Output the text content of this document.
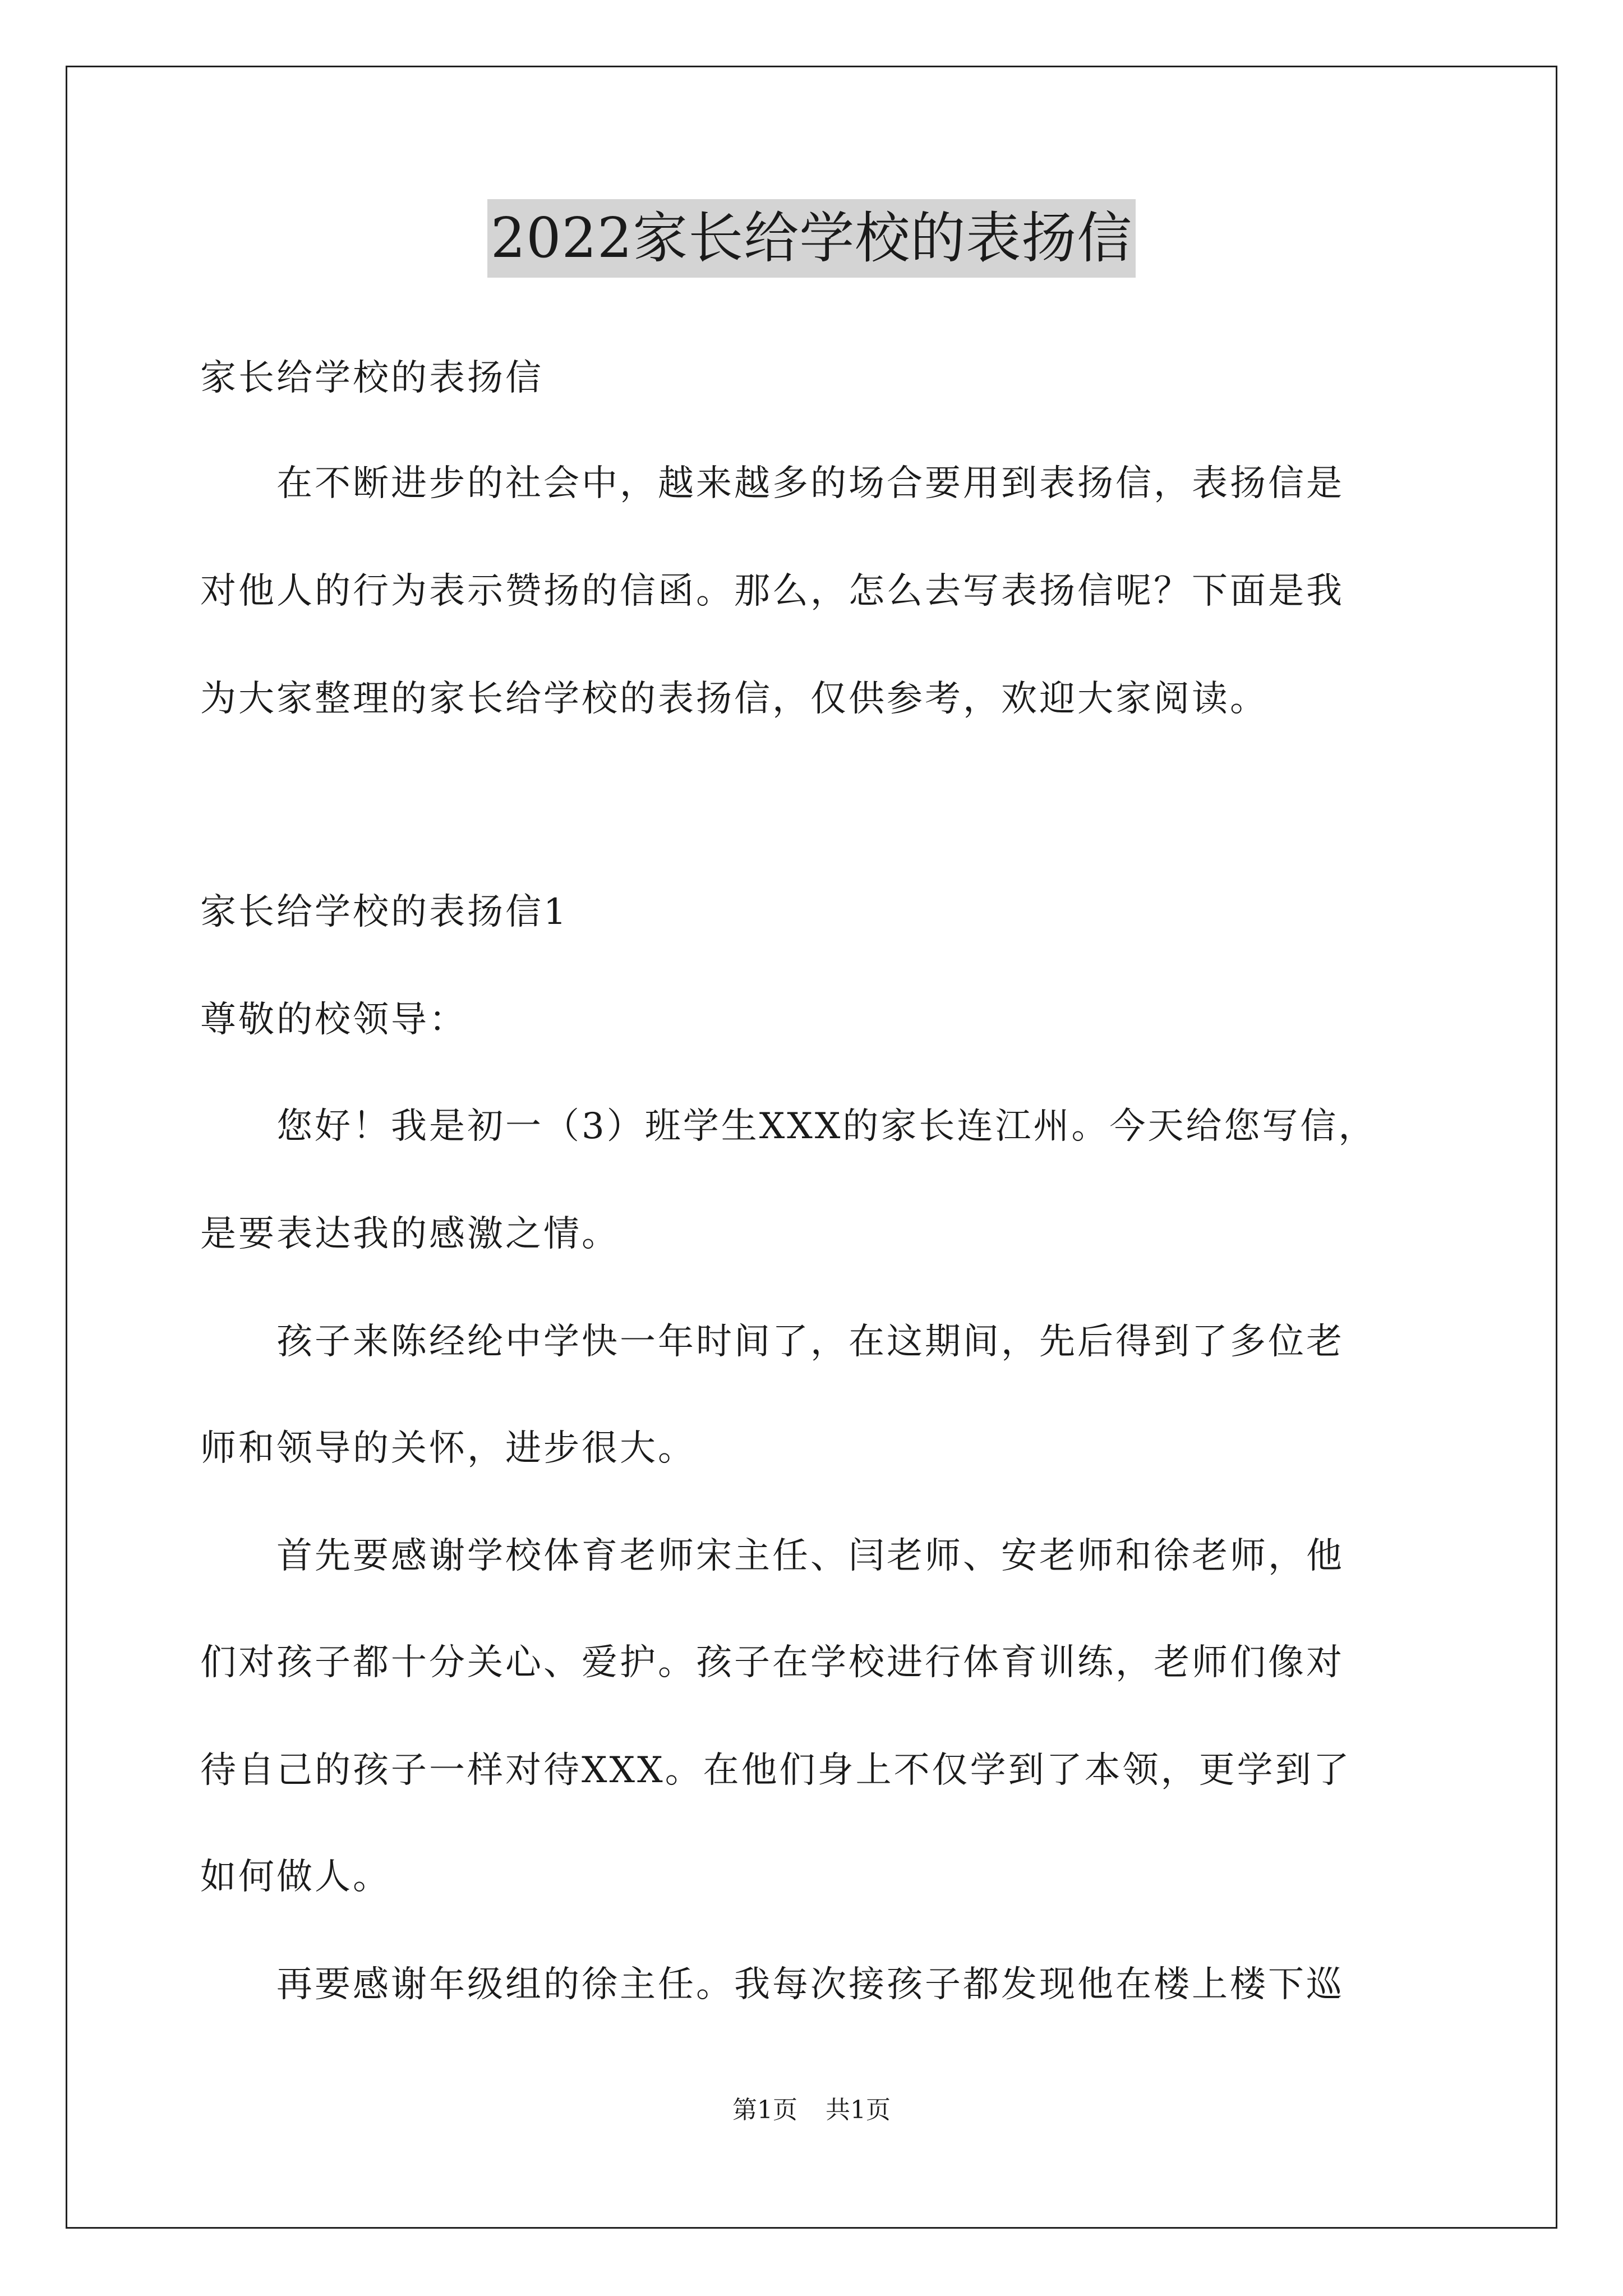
2022家长给学校的表扬信
家长给学校的表扬信
　　在不断进步的社会中，越来越多的场合要用到表扬信，表扬信是
对他人的行为表示赞扬的信函。那么，怎么去写表扬信呢？下面是我
为大家整理的家长给学校的表扬信，仅供参考，欢迎大家阅读。
家长给学校的表扬信1
尊敬的校领导：
　　您好！我是初一（3）班学生XXX的家长连江州。今天给您写信，
是要表达我的感激之情。
　　孩子来陈经纶中学快一年时间了，在这期间，先后得到了多位老
师和领导的关怀，进步很大。
　　首先要感谢学校体育老师宋主任、闫老师、安老师和徐老师，他
们对孩子都十分关心、爱护。孩子在学校进行体育训练，老师们像对
待自己的孩子一样对待XXX。在他们身上不仅学到了本领，更学到了
如何做人。
　　再要感谢年级组的徐主任。我每次接孩子都发现他在楼上楼下巡
第1页 共1页
